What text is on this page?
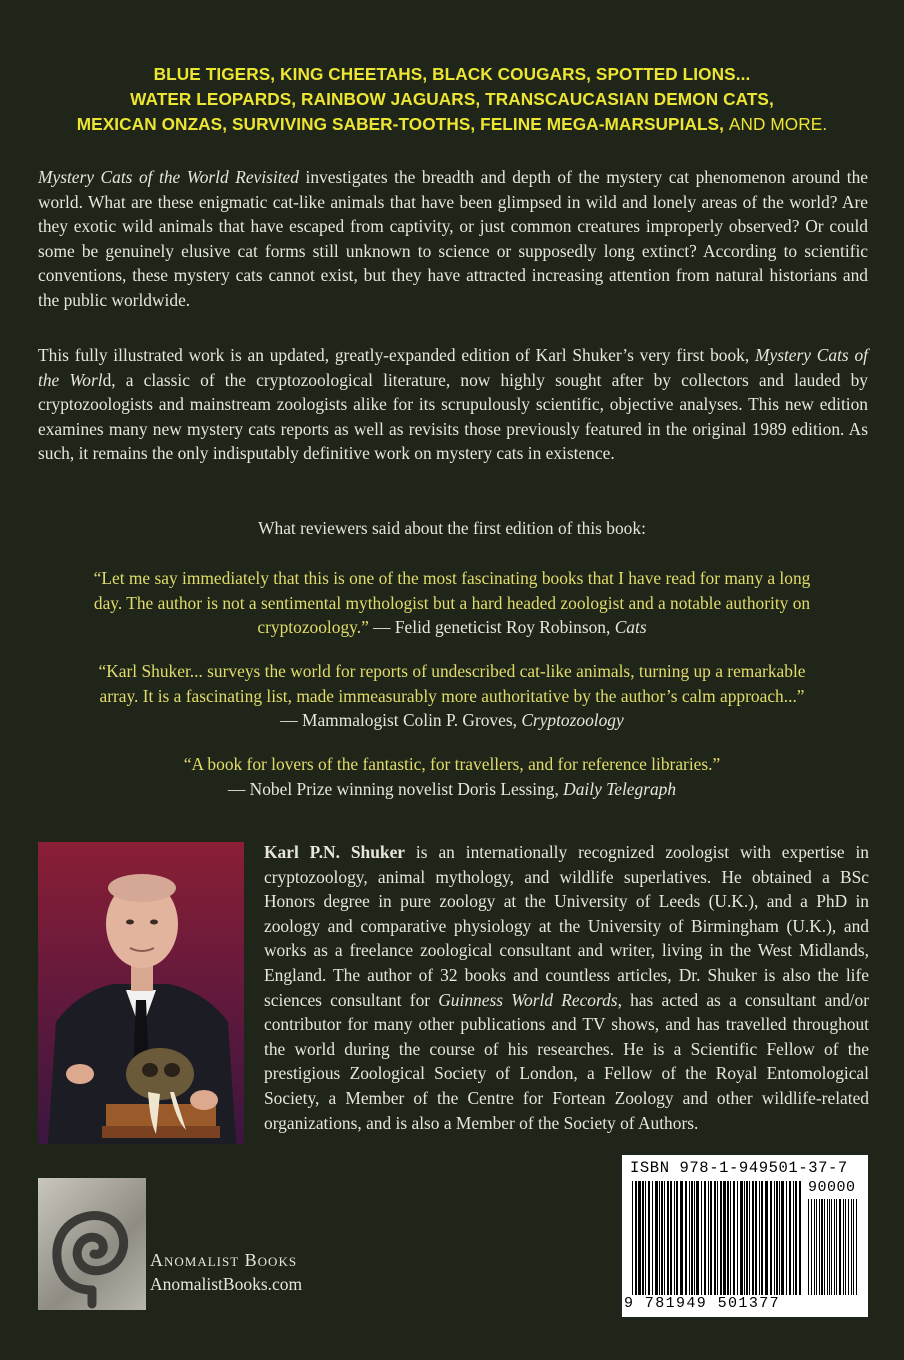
BLUE TIGERS, KING CHEETAHS, BLACK COUGARS, SPOTTED LIONS...
WATER LEOPARDS, RAINBOW JAGUARS, TRANSCAUCASIAN DEMON CATS,
MEXICAN ONZAS, SURVIVING SABER-TOOTHS, FELINE MEGA-MARSUPIALS, AND MORE.
Mystery Cats of the World Revisited investigates the breadth and depth of the mystery cat phenomenon around the world. What are these enigmatic cat-like animals that have been glimpsed in wild and lonely areas of the world? Are they exotic wild animals that have escaped from captivity, or just common creatures improperly observed? Or could some be genuinely elusive cat forms still unknown to science or supposedly long extinct? According to scientific conventions, these mystery cats cannot exist, but they have attracted increasing attention from natural historians and the public worldwide.
This fully illustrated work is an updated, greatly-expanded edition of Karl Shuker’s very first book, Mystery Cats of the World, a classic of the cryptozoological literature, now highly sought after by collectors and lauded by cryptozoologists and mainstream zoologists alike for its scrupulously scientific, objective analyses. This new edition examines many new mystery cats reports as well as revisits those previously featured in the original 1989 edition. As such, it remains the only indisputably definitive work on mystery cats in existence.
What reviewers said about the first edition of this book:
“Let me say immediately that this is one of the most fascinating books that I have read for many a long
day. The author is not a sentimental mythologist but a hard headed zoologist and a notable authority on
cryptozoology.” — Felid geneticist Roy Robinson, Cats
“Karl Shuker... surveys the world for reports of undescribed cat-like animals, turning up a remarkable
array. It is a fascinating list, made immeasurably more authoritative by the author’s calm approach...”
— Mammalogist Colin P. Groves, Cryptozoology
“A book for lovers of the fantastic, for travellers, and for reference libraries.”
— Nobel Prize winning novelist Doris Lessing, Daily Telegraph
Karl P.N. Shuker is an internationally recognized zoologist with expertise in cryptozoology, animal mythology, and wildlife superlatives. He obtained a BSc Honors degree in pure zoology at the University of Leeds (U.K.), and a PhD in zoology and comparative physiology at the University of Birmingham (U.K.), and works as a freelance zoological consultant and writer, living in the West Midlands, England. The author of 32 books and countless articles, Dr. Shuker is also the life sciences consultant for Guinness World Records, has acted as a consultant and/or contributor for many other publications and TV shows, and has travelled throughout the world during the course of his researches. He is a Scientific Fellow of the prestigious Zoological Society of London, a Fellow of the Royal Entomological Society, a Member of the Centre for Fortean Zoology and other wildlife-related organizations, and is also a Member of the Society of Authors.
Anomalist Books
AnomalistBooks.com
ISBN 978-1-949501-37-7
90000
9 781949 501377
